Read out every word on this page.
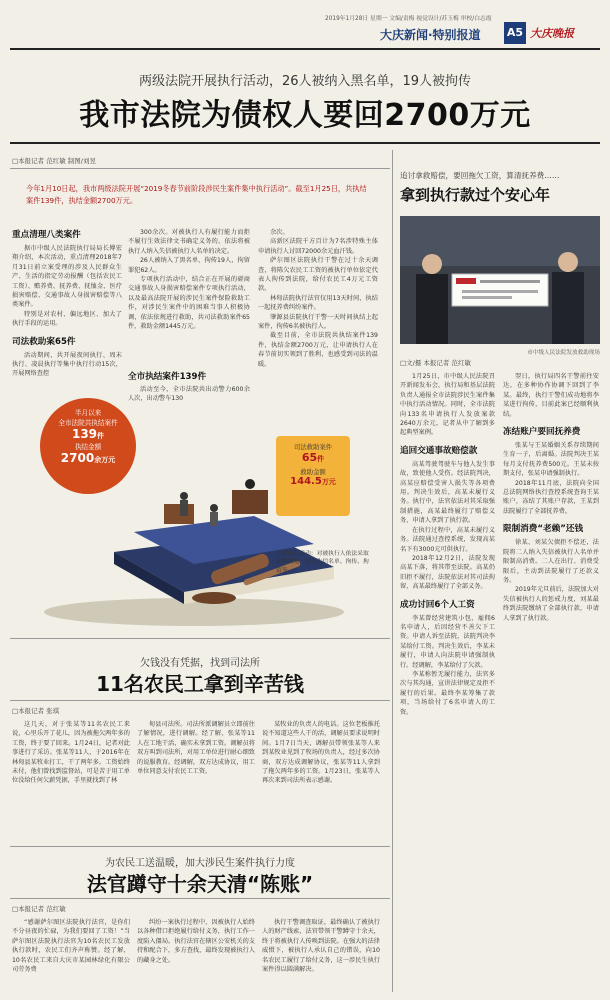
2019年1月28日 星期一 文编/责梅 视觉设计/苏玉梅 审校/白志霞
大庆新闻·特别报道 A5 大庆晚报
两级法院开展执行活动，26人被纳入黑名单，19人被拘传
我市法院为债权人要回2700万元
□本报记者 范红敏 制图/刘昱
今年1月10日起，我市两级法院开展“2019冬春节前阶段涉民生案件集中执行活动”。截至1月25日，共执结案件139件，执结金额2700万元。
重点清理八类案件
据市中级人民法院执行局局长傅宏翔介绍，本次活动，重点清理2018年7月31日前立案受理的涉及人民群众生产、生活的指定劳动报酬（包括农民工工资）、赡养费、抚养费、抚恤金、医疗损害赔偿、交通事故人身损害赔偿等八类案件。
特别是对农村、偏远地区、加大了执行手段的运用。
司法救助案65件
活动期间，共开展夜间执行、周末执行、凌晨执行等集中执行行动15次，开展网络查控
300余次。对被执行人有履行能力而拒不履行生效法律文书确定义务的，依法将被执行人纳入失信被执行人名单的决定。
26人被纳入了黑名单，拘传19人，拘留罪犯62人。
专项执行活动中，结合正在开展的磋商交通事故人身损害赔偿案件专项执行活动，以及最高法院开展的涉民生案件保险救助工作，对涉民生案件中的困难当事人积极协调，依法依规进行救助，共司法救助案件65件，救助金额1445万元。
全市执结案件139件
活动至今，全市法院共出动警力600余人次，出动警车130
余次。
高新区法院千方百计为7名涉特殊主体申请执行人讨回72000余元血汗钱。
萨尔图区法院执行干警在过十余天调查，将陈欠农民工工资的被执行单位依定代表人拘传到法院，给付农民工4万元工资款。
林甸法院执行法官仅用13天时间，执结一起抚养费纠纷案件。
肇源县法院执行干警一天时间执结上起案件，拘传6名被执行人。
截至目前，全市法院共执结案件139件，执结金额2700万元，让申请执行人在春节前切实领到了胜利，也感受到司法的温暖。
半月以来
全市法院共执结案件
139件
执结金额
2700余万元
司法救助案件
65件
救助金额
144.5万元
专项执行活动：对被执行人依法采取强制措施，纳入失信名单、拘传、拘留等。
欠钱没有凭据，找到司法所
11名农民工拿到辛苦钱
□本报记者 张琪
这几天，对于张某等11名农民工来说，心里乐开了花儿，因为被拖欠两年多的工资，终于要了回来。1月24日，记者对此事进行了采访。张某等11人，于2016年在林甸县某牧业打工，干了两年多。工资始终未付，他们曾找到监督站，可是苦于用工单位没给任何欠薪凭据，手里就找到了林
甸县司法所。司法所派调解员立即前往了解情况，进行调解。经了解，张某等11人在工地干活，确实未拿到工资。调解员将双方叫到司法所，对用工单位进行耐心细致的说服教育。经调解，双方达成协议，用工单位同意支付农民工工资。
某牧业的负责人的电话。这位老板推托说不知道这些人干的活，调解员要求说明时间。1月7日当天，调解员带领张某等人来到某牧业见到了牧场的负责人，经过多次协商，双方达成调解协议，张某等11人拿到了拖欠两年多的工资。1月23日，张某等人再次来到司法所表示感谢。
为农民工送温暖，加大涉民生案件执行力度
法官蹲守十余天清“陈账”
□本报记者 范红敏
“感谢萨尔图区法院执行法官，是你们不分昼夜的忙碌，为我们要回了工资！”当萨尔图区法院执行法官为10名农民工发放执行款时，农民工们齐声称赞。经了解，10名农民工来自大庆市某园林绿化有限公司劳务费
纠纷一案执行过程中，因被执行人始终以各种借口拒绝履行给付义务，执行工作一度陷入僵局。执行法官在辖区公安机关的支持和配合下，多方查找，最终发现被执行人的藏身之处。
执行干警调查取证，最终确认了被执行人的财产线索，法官带领干警蹲守十余天，终于将被执行人传唤到法院。在强大的法律威慑下，被执行人承认自己的错误，向10名农民工履行了给付义务，这一涉民生执行案件得以圆满解决。
追讨拿救赔偿，要回拖欠工资，算清抚养费……
拿到执行款过个安心年
市中级人民法院发放救助现场
□文/摄 本报记者 范红敏
1月25日，市中级人民法院召开新闻发布会，执行局和基层法院负责人通报全市法院涉民生案件集中执行活动情况。同时，全市法院向133名申请执行人发放案款2640万余元，记者从中了解到多起典型案例。
追回交通事故赔偿款
高某驾驶驾驶车与他人发生事故，致使他人受伤。经法院判决，高某应赔偿受害人损失等各项费用。判决生效后，高某未履行义务。执行中，法官依法对其采取强制措施，高某最终履行了赔偿义务，申请人拿到了执行款。
在执行过程中，高某未履行义务。法院通过查控系统，发现高某名下有3000元可供执行。
2018年12月2日，法院发现高某下落，将其带至法院。高某仍旧拒不履行，法院依法对其司法拘留，高某最终履行了全部义务。
成功讨回6个人工资
李某曾经营建筑小包，雇佣6名申请人，后因经营不善欠下工资。申请人诉至法院，法院判决李某给付工资。判决生效后，李某未履行，申请人向法院申请强制执行。经调解，李某给付了欠款。
李某称暂无履行能力，法官多次与其沟通，宣讲法律规定及拒不履行的后果。最终李某筹集了款项，当场给付了6名申请人的工资。
翌日，执行局四名干警前往安达，在多种协作协调下回到了李某。最终，执行干警们成功地将李某进行拘传，目前此案已经顺利执结。
冻结账户要回抚养费
张某与王某婚姻关系存续期间生育一子，后离婚。法院判决王某每月支付抚养费500元。王某未按期支付，张某申请强制执行。
2018年11月底，法院向全国总法院网络执行查控系统查询王某账户，冻结了其账户存款，王某到法院履行了全部抚养费。
限制消费“老赖”还钱
徐某、刘某欠债拒不偿还，法院将二人纳入失信被执行人名单并限制高消费。二人在出行、消费受限后，主动到法院履行了还款义务。
2019年元旦前后，法院加大对失信被执行人的惩戒力度，刘某最终到法院缴纳了全部执行款，申请人拿到了执行款。
